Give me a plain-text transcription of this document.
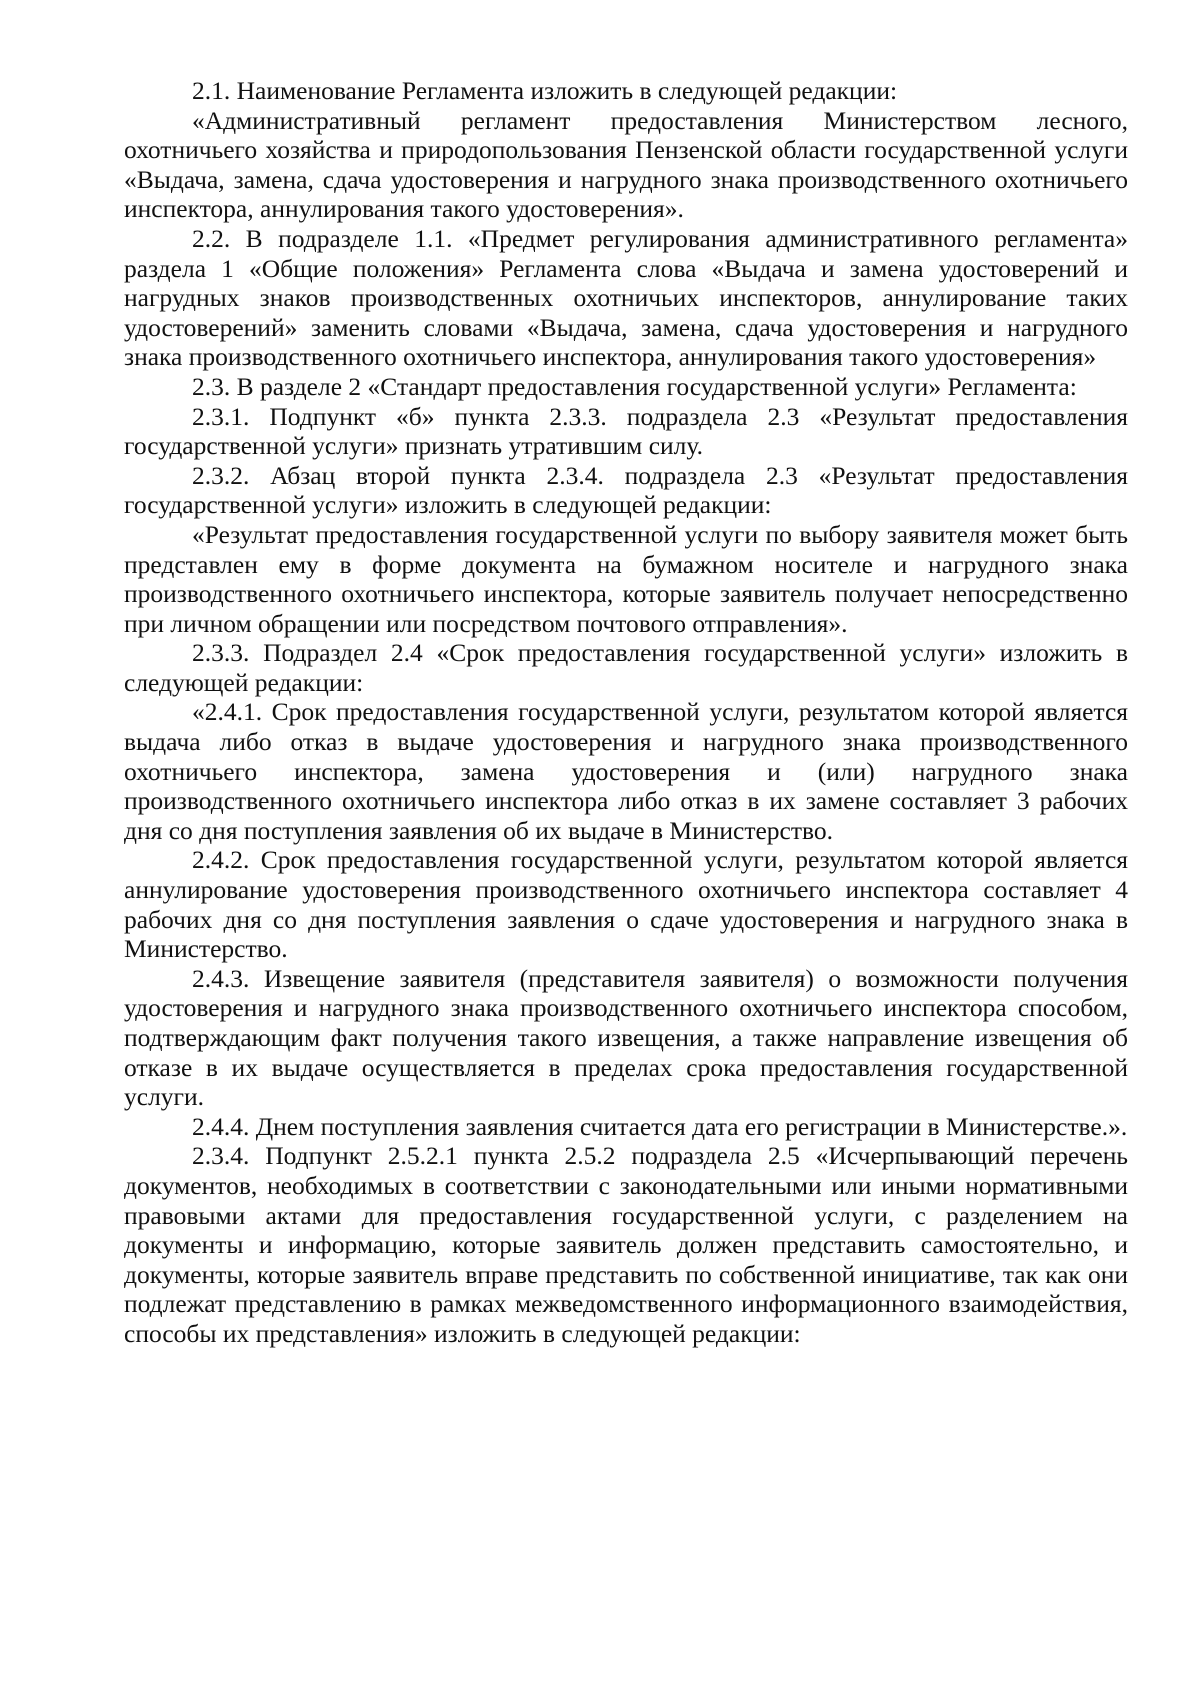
2.1. Наименование Регламента изложить в следующей редакции:

«Административный регламент предоставления Министерством лесного, охотничьего хозяйства и природопользования Пензенской области государственной услуги «Выдача, замена, сдача удостоверения и нагрудного знака производственного охотничьего инспектора, аннулирования такого удостоверения».

2.2. В подразделе 1.1. «Предмет регулирования административного регламента» раздела 1 «Общие положения» Регламента слова «Выдача и замена удостоверений и нагрудных знаков производственных охотничьих инспекторов, аннулирование таких удостоверений» заменить словами «Выдача, замена, сдача удостоверения и нагрудного знака производственного охотничьего инспектора, аннулирования такого удостоверения»

2.3. В разделе 2 «Стандарт предоставления государственной услуги» Регламента:

2.3.1. Подпункт «б» пункта 2.3.3. подраздела 2.3 «Результат предоставления государственной услуги» признать утратившим силу.

2.3.2. Абзац второй пункта 2.3.4. подраздела 2.3 «Результат предоставления государственной услуги» изложить в следующей редакции:

«Результат предоставления государственной услуги по выбору заявителя может быть представлен ему в форме документа на бумажном носителе и нагрудного знака производственного охотничьего инспектора, которые заявитель получает непосредственно при личном обращении или посредством почтового отправления».

2.3.3. Подраздел 2.4 «Срок предоставления государственной услуги» изложить в следующей редакции:

«2.4.1. Срок предоставления государственной услуги, результатом которой является выдача либо отказ в выдаче удостоверения и нагрудного знака производственного охотничьего инспектора, замена удостоверения и (или) нагрудного знака производственного охотничьего инспектора либо отказ в их замене составляет 3 рабочих дня со дня поступления заявления об их выдаче в Министерство.

2.4.2. Срок предоставления государственной услуги, результатом которой является аннулирование удостоверения производственного охотничьего инспектора составляет 4 рабочих дня со дня поступления заявления о сдаче удостоверения и нагрудного знака в Министерство.

2.4.3. Извещение заявителя (представителя заявителя) о возможности получения удостоверения и нагрудного знака производственного охотничьего инспектора способом, подтверждающим факт получения такого извещения, а также направление извещения об отказе в их выдаче осуществляется в пределах срока предоставления государственной услуги.

2.4.4. Днем поступления заявления считается дата его регистрации в Министерстве.».

2.3.4. Подпункт 2.5.2.1 пункта 2.5.2 подраздела 2.5 «Исчерпывающий перечень документов, необходимых в соответствии с законодательными или иными нормативными правовыми актами для предоставления государственной услуги, с разделением на документы и информацию, которые заявитель должен представить самостоятельно, и документы, которые заявитель вправе представить по собственной инициативе, так как они подлежат представлению в рамках межведомственного информационного взаимодействия, способы их представления» изложить в следующей редакции:
